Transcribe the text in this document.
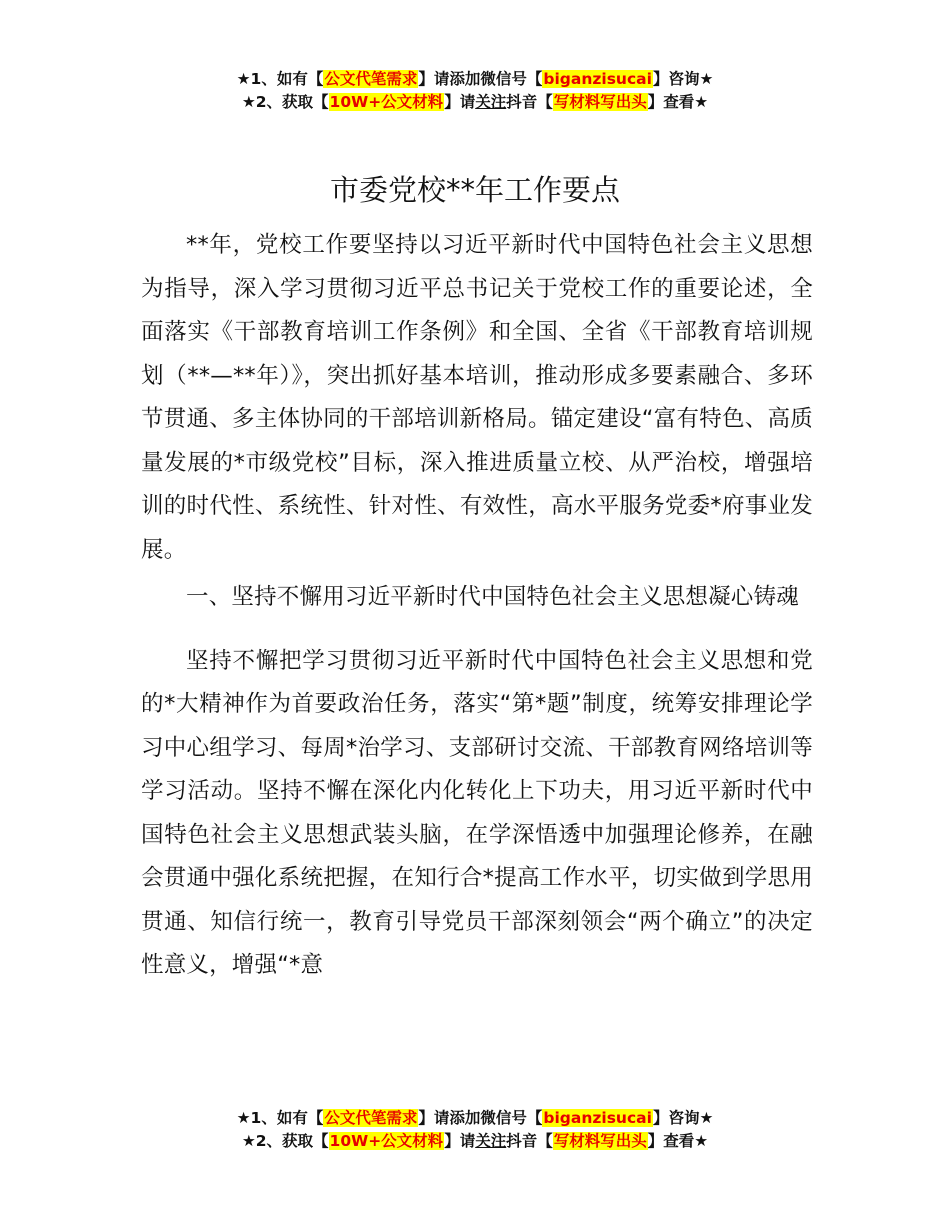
★1、如有【公文代笔需求】请添加微信号【biganzisucai】咨询★
★2、获取【10W+公文材料】请关注抖音【写材料写出头】查看★
市委党校**年工作要点

**年，党校工作要坚持以习近平新时代中国特色社会主义思想为指导，深入学习贯彻习近平总书记关于党校工作的重要论述，全面落实《干部教育培训工作条例》和全国、全省《干部教育培训规划（**—**年）》，突出抓好基本培训，推动形成多要素融合、多环节贯通、多主体协同的干部培训新格局。锚定建设“富有特色、高质量发展的*市级党校”目标，深入推进质量立校、从严治校，增强培训的时代性、系统性、针对性、有效性，高水平服务党委*府事业发展。

一、坚持不懈用习近平新时代中国特色社会主义思想凝心铸魂

坚持不懈把学习贯彻习近平新时代中国特色社会主义思想和党的*大精神作为首要政治任务，落实“第*题”制度，统筹安排理论学习中心组学习、每周*治学习、支部研讨交流、干部教育网络培训等学习活动。坚持不懈在深化内化转化上下功夫，用习近平新时代中国特色社会主义思想武装头脑，在学深悟透中加强理论修养，在融会贯通中强化系统把握，在知行合*提高工作水平，切实做到学思用贯通、知信行统一，教育引导党员干部深刻领会“两个确立”的决定性意义，增强“*意

★1、如有【公文代笔需求】请添加微信号【biganzisucai】咨询★
★2、获取【10W+公文材料】请关注抖音【写材料写出头】查看★
